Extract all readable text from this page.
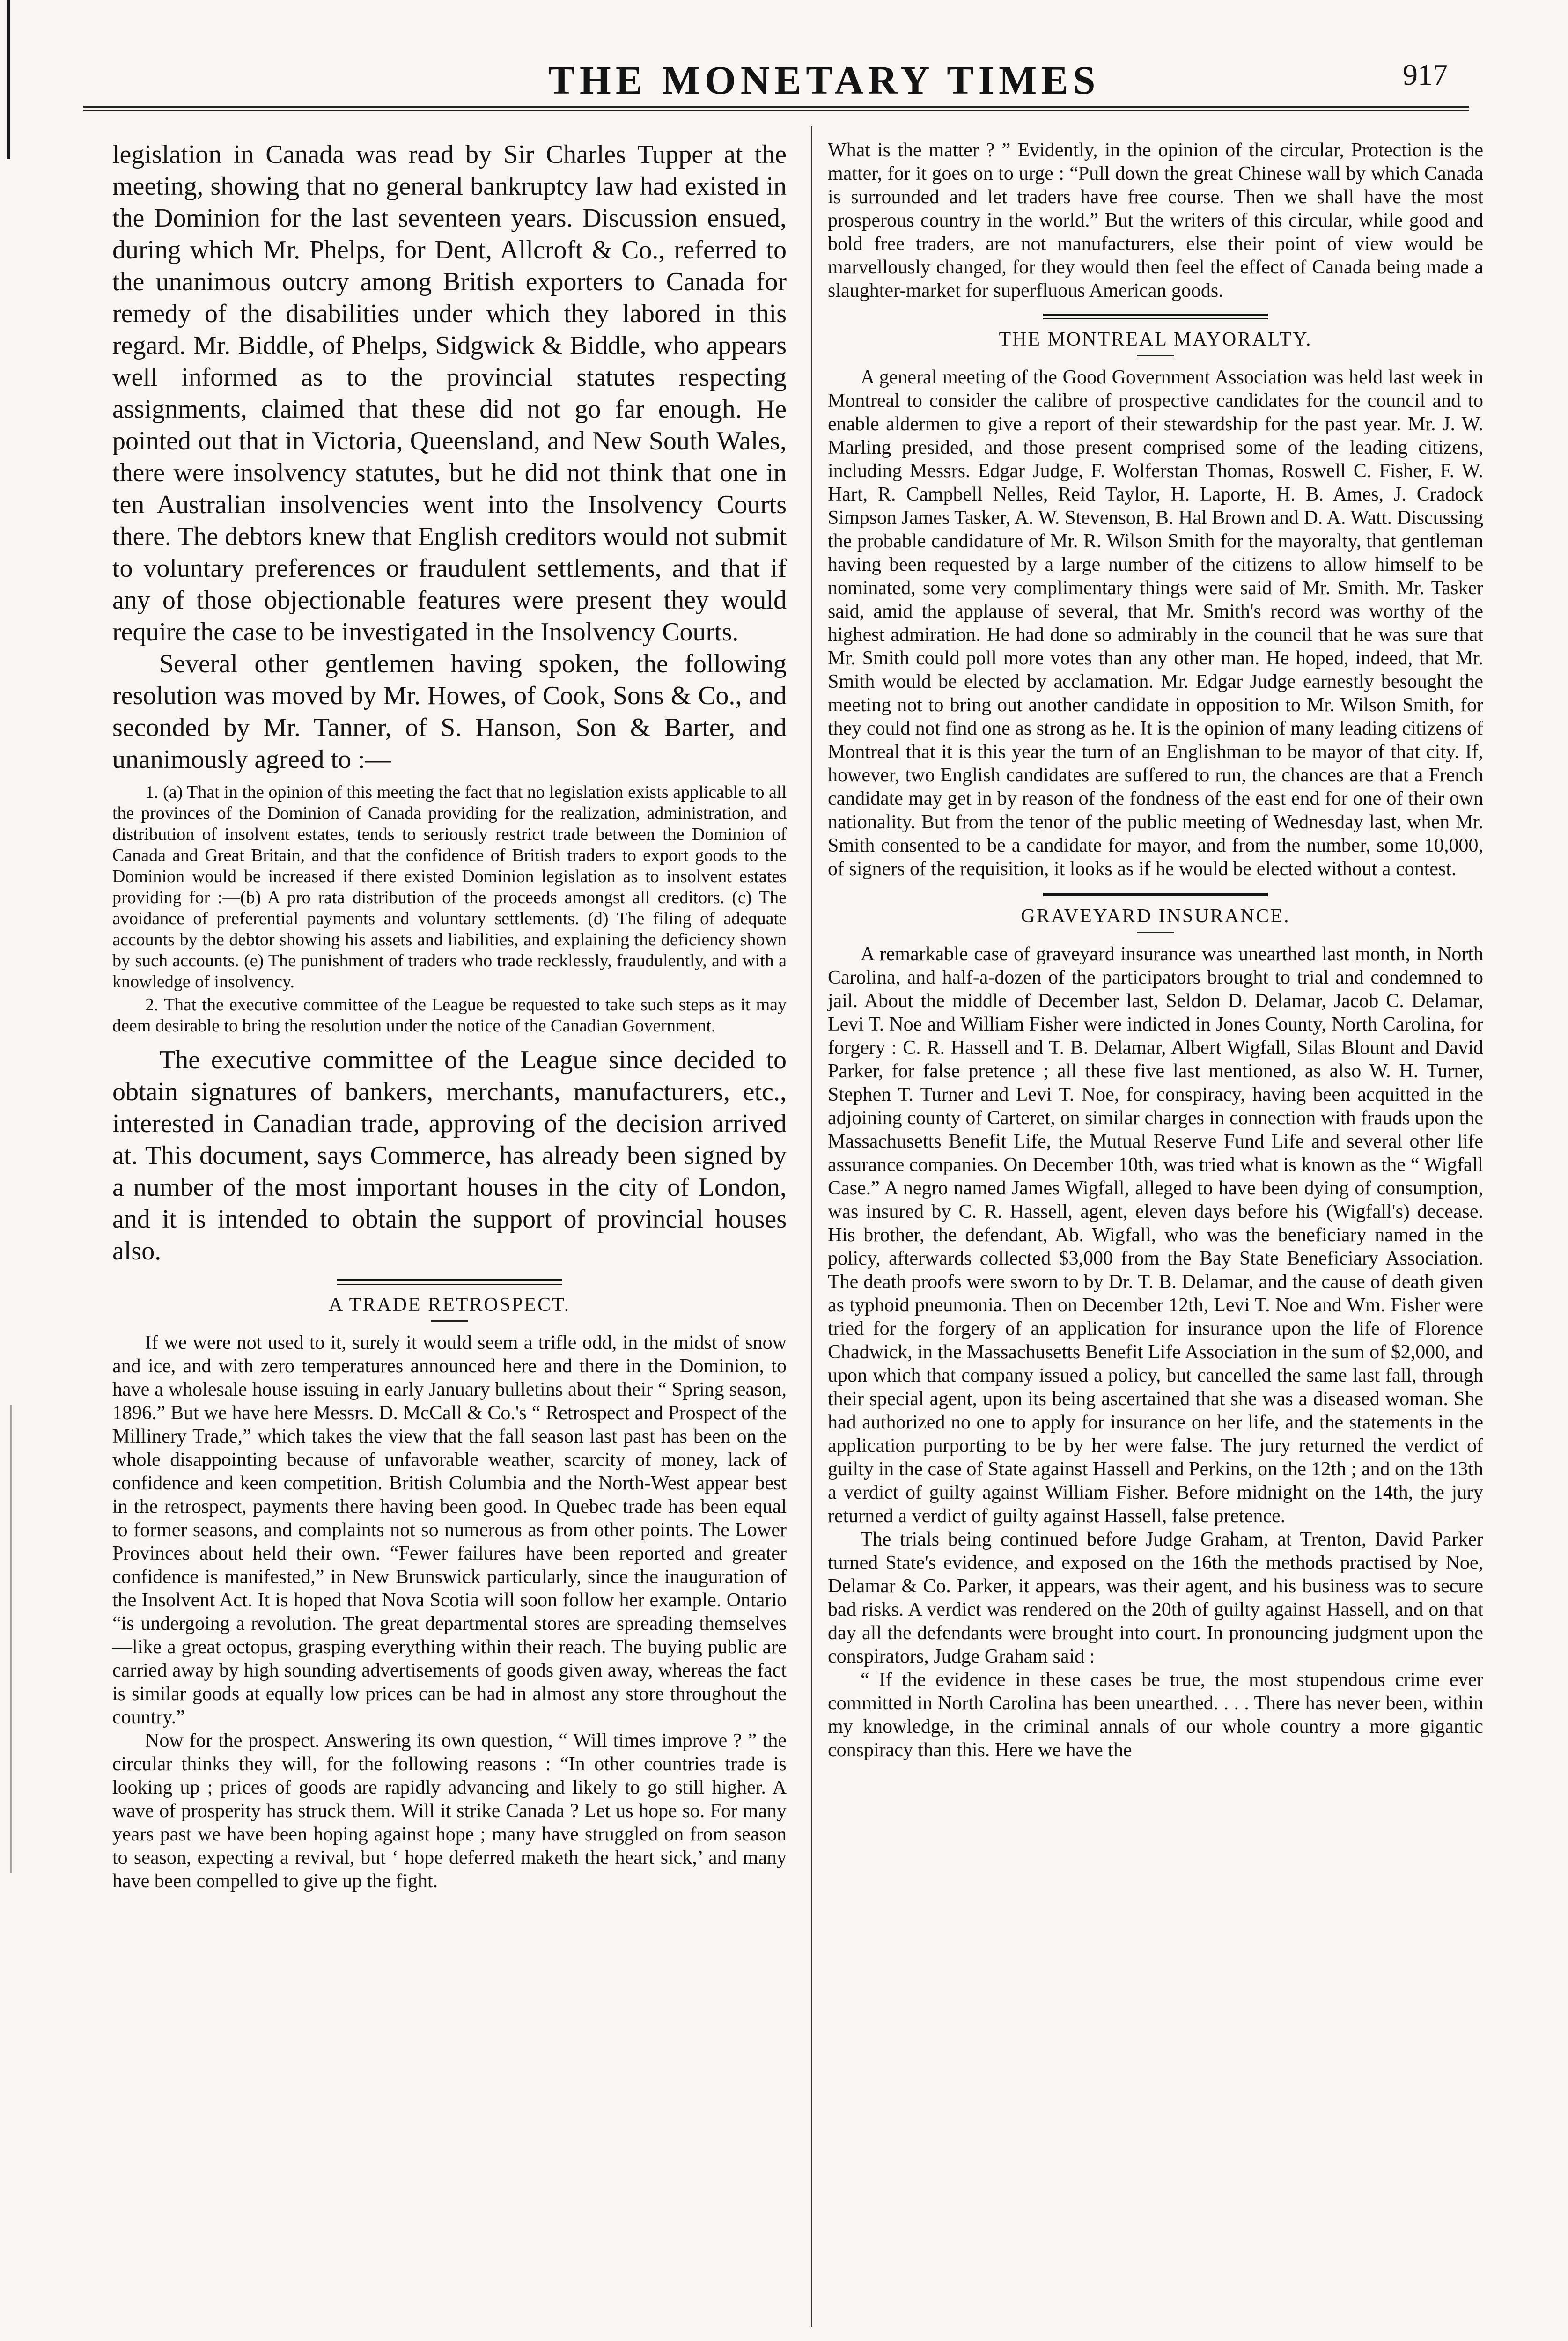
THE MONETARY TIMES	917

legislation in Canada was read by Sir Charles Tupper at the meeting, showing that no general bankruptcy law had existed in the Dominion for the last seventeen years. Discussion ensued, during which Mr. Phelps, for Dent, Allcroft & Co., referred to the unanimous outcry among British exporters to Canada for remedy of the disabilities under which they labored in this regard. Mr. Biddle, of Phelps, Sidgwick & Biddle, who appears well informed as to the provincial statutes respecting assignments, claimed that these did not go far enough. He pointed out that in Victoria, Queensland, and New South Wales, there were insolvency statutes, but he did not think that one in ten Australian insolvencies went into the Insolvency Courts there. The debtors knew that English creditors would not submit to voluntary preferences or fraudulent settlements, and that if any of those objectionable features were present they would require the case to be investigated in the Insolvency Courts.

Several other gentlemen having spoken, the following resolution was moved by Mr. Howes, of Cook, Sons & Co., and seconded by Mr. Tanner, of S. Hanson, Son & Barter, and unanimously agreed to :—

1. (a) That in the opinion of this meeting the fact that no legislation exists applicable to all the provinces of the Dominion of Canada providing for the realization, administration, and distribution of insolvent estates, tends to seriously restrict trade between the Dominion of Canada and Great Britain, and that the confidence of British traders to export goods to the Dominion would be increased if there existed Dominion legislation as to insolvent estates providing for :—(b) A pro rata distribution of the proceeds amongst all creditors. (c) The avoidance of preferential payments and voluntary settlements. (d) The filing of adequate accounts by the debtor showing his assets and liabilities, and explaining the deficiency shown by such accounts. (e) The punishment of traders who trade recklessly, fraudulently, and with a knowledge of insolvency.

2. That the executive committee of the League be requested to take such steps as it may deem desirable to bring the resolution under the notice of the Canadian Government.

The executive committee of the League since decided to obtain signatures of bankers, merchants, manufacturers, etc., interested in Canadian trade, approving of the decision arrived at. This document, says Commerce, has already been signed by a number of the most important houses in the city of London, and it is intended to obtain the support of provincial houses also.

A TRADE RETROSPECT.

If we were not used to it, surely it would seem a trifle odd, in the midst of snow and ice, and with zero temperatures announced here and there in the Dominion, to have a wholesale house issuing in early January bulletins about their “ Spring season, 1896.” But we have here Messrs. D. McCall & Co.'s “ Retrospect and Prospect of the Millinery Trade,” which takes the view that the fall season last past has been on the whole disappointing because of unfavorable weather, scarcity of money, lack of confidence and keen competition. British Columbia and the North-West appear best in the retrospect, payments there having been good. In Quebec trade has been equal to former seasons, and complaints not so numerous as from other points. The Lower Provinces about held their own. “Fewer failures have been reported and greater confidence is manifested,” in New Brunswick particularly, since the inauguration of the Insolvent Act. It is hoped that Nova Scotia will soon follow her example. Ontario “is undergoing a revolution. The great departmental stores are spreading themselves—like a great octopus, grasping everything within their reach. The buying public are carried away by high sounding advertisements of goods given away, whereas the fact is similar goods at equally low prices can be had in almost any store throughout the country.”

Now for the prospect. Answering its own question, “ Will times improve ? ” the circular thinks they will, for the following reasons : “In other countries trade is looking up ; prices of goods are rapidly advancing and likely to go still higher. A wave of prosperity has struck them. Will it strike Canada ? Let us hope so. For many years past we have been hoping against hope ; many have struggled on from season to season, expecting a revival, but ‘ hope deferred maketh the heart sick,’ and many have been compelled to give up the fight.

What is the matter ? ” Evidently, in the opinion of the circular, Protection is the matter, for it goes on to urge : “Pull down the great Chinese wall by which Canada is surrounded and let traders have free course. Then we shall have the most prosperous country in the world.” But the writers of this circular, while good and bold free traders, are not manufacturers, else their point of view would be marvellously changed, for they would then feel the effect of Canada being made a slaughter-market for superfluous American goods.

THE MONTREAL MAYORALTY.

A general meeting of the Good Government Association was held last week in Montreal to consider the calibre of prospective candidates for the council and to enable aldermen to give a report of their stewardship for the past year. Mr. J. W. Marling presided, and those present comprised some of the leading citizens, including Messrs. Edgar Judge, F. Wolferstan Thomas, Roswell C. Fisher, F. W. Hart, R. Campbell Nelles, Reid Taylor, H. Laporte, H. B. Ames, J. Cradock Simpson James Tasker, A. W. Stevenson, B. Hal Brown and D. A. Watt. Discussing the probable candidature of Mr. R. Wilson Smith for the mayoralty, that gentleman having been requested by a large number of the citizens to allow himself to be nominated, some very complimentary things were said of Mr. Smith. Mr. Tasker said, amid the applause of several, that Mr. Smith's record was worthy of the highest admiration. He had done so admirably in the council that he was sure that Mr. Smith could poll more votes than any other man. He hoped, indeed, that Mr. Smith would be elected by acclamation. Mr. Edgar Judge earnestly besought the meeting not to bring out another candidate in opposition to Mr. Wilson Smith, for they could not find one as strong as he. It is the opinion of many leading citizens of Montreal that it is this year the turn of an Englishman to be mayor of that city. If, however, two English candidates are suffered to run, the chances are that a French candidate may get in by reason of the fondness of the east end for one of their own nationality. But from the tenor of the public meeting of Wednesday last, when Mr. Smith consented to be a candidate for mayor, and from the number, some 10,000, of signers of the requisition, it looks as if he would be elected without a contest.

GRAVEYARD INSURANCE.

A remarkable case of graveyard insurance was unearthed last month, in North Carolina, and half-a-dozen of the participators brought to trial and condemned to jail. About the middle of December last, Seldon D. Delamar, Jacob C. Delamar, Levi T. Noe and William Fisher were indicted in Jones County, North Carolina, for forgery : C. R. Hassell and T. B. Delamar, Albert Wigfall, Silas Blount and David Parker, for false pretence ; all these five last mentioned, as also W. H. Turner, Stephen T. Turner and Levi T. Noe, for conspiracy, having been acquitted in the adjoining county of Carteret, on similar charges in connection with frauds upon the Massachusetts Benefit Life, the Mutual Reserve Fund Life and several other life assurance companies. On December 10th, was tried what is known as the “ Wigfall Case.” A negro named James Wigfall, alleged to have been dying of consumption, was insured by C. R. Hassell, agent, eleven days before his (Wigfall's) decease. His brother, the defendant, Ab. Wigfall, who was the beneficiary named in the policy, afterwards collected $3,000 from the Bay State Beneficiary Association. The death proofs were sworn to by Dr. T. B. Delamar, and the cause of death given as typhoid pneumonia. Then on December 12th, Levi T. Noe and Wm. Fisher were tried for the forgery of an application for insurance upon the life of Florence Chadwick, in the Massachusetts Benefit Life Association in the sum of $2,000, and upon which that company issued a policy, but cancelled the same last fall, through their special agent, upon its being ascertained that she was a diseased woman. She had authorized no one to apply for insurance on her life, and the statements in the application purporting to be by her were false. The jury returned the verdict of guilty in the case of State against Hassell and Perkins, on the 12th ; and on the 13th a verdict of guilty against William Fisher. Before midnight on the 14th, the jury returned a verdict of guilty against Hassell, false pretence.

The trials being continued before Judge Graham, at Trenton, David Parker turned State's evidence, and exposed on the 16th the methods practised by Noe, Delamar & Co. Parker, it appears, was their agent, and his business was to secure bad risks. A verdict was rendered on the 20th of guilty against Hassell, and on that day all the defendants were brought into court. In pronouncing judgment upon the conspirators, Judge Graham said :

“ If the evidence in these cases be true, the most stupendous crime ever committed in North Carolina has been unearthed. . . . There has never been, within my knowledge, in the criminal annals of our whole country a more gigantic conspiracy than this. Here we have the
